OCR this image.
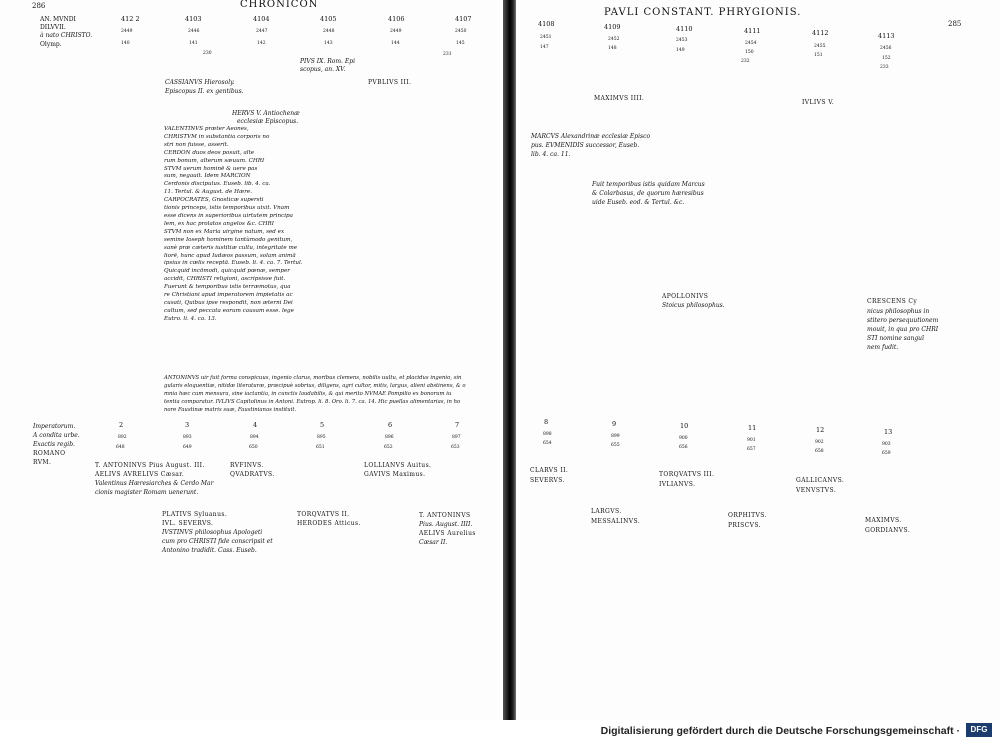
286	CHRONICON
AN. MVNDI
DILVVII.
à nato CHRISTO.
Olymp.
412 2
2449
140
4103
2446
141
230
4104
2447
142
4105
2448
143
4106
2449
144
4107
2450
145
231
PIVS IX. Rom. Epi
scopus, an. XV.
CASSIANVS Hierosoly.
Episcopus II. ex gentibus.
PVBLIVS III.
HERVS V. Antiochenæ
ecclesiæ Episcopus.
VALENTINVS præter Aeones,
CHRISTVM in substantia corporis no
stri non fuisse, asserit.
CERDON duos deos posuit, alte
rum bonum, alterum sæuum. CHRI
STVM uerum hominē & uere pas
sum, negauit. Idem MARCION
Cerdonis discipulus. Euseb. lib. 4. ca.
11. Tertul. & August. de Hære.
CARPOCRATES, Gnosticæ supersti
tionis princeps, istis temporibus uixit. Vnam
esse dicens in superioribus uirtutem principa
lem, ex hac prolatos angelos &c. CHRI
STVM non ex Maria uirgine natum, sed ex
semine Ioseph hominem tantùmodo genitum,
sanè præ cæteris iustitiæ cultu, integritate me
liorē, hunc apud Iudæos passum, solam animā
ipsius in cœlis receptā. Euseb. li. 4. ca. 7. Tertul.
Quicquid incōmodi, quicquid pœnæ, semper
accidit, CHRISTI religioni, ascripsisse fuit.
Fuerunt & temporibus istis terræmotus, qua
re Christiani apud imperatorem impietatis ac
cusati, Quibus ipse respondit, non æterni Dei
cultum, sed peccata eorum causam esse. lege
Eutro. li. 4. ca. 13.
ANTONINVS uir fuit forma conspicuus, ingenio clarus, moribus clemens, nobilis uultu, et placidus ingenio, sin
gularis eloquentiæ, nitidæ literaturæ, præcipuè sobrius, diligens, agri cultor, mitis, largus, alieni abstinens, & o
mnia hæc cum mensura, sine iactantia, in cunctis laudabilis, & qui merito NVMAE Pompilio ex bonorum iu
tentia comparatur. IVLIVS Capitolinus in Antoni. Eutrop. li. 8. Oro. li. 7. ca. 14. Hic puellas alimentarias, in ho
nore Faustinæ matris suæ, Faustinianas instituit.
Imperatorum.
A condita urbe.
Exactis regib.
ROMANO
RVM.
2
892
648
3
893
649
4
894
650
5
895
651
6
896
652
7
897
653
T. ANTONINVS Pius August. III.
AELIVS AVRELIVS Cæsar.
Valentinus Hæresiarches & Cerdo Mar
cionis magister Romam uenerunt.
RVFINVS.
QVADRATVS.
LOLLIANVS Auitus.
GAVIVS Maximus.
PLATIVS Syluanus.
IVL. SEVERVS.
IVSTINVS philosophus Apologeti
cum pro CHRISTI fide conscripsit et
Antonino tradidit. Cass. Euseb.
TORQVATVS II.
HERODES Atticus.
T. ANTONINVS
Pius. August. IIII.
AELIVS Aurelius
Cæsar II.
PAVLI CONSTANT. PHRYGIONIS.
285
4108
2451
147
4109
2452
148
4110
2453
149
4111
2454
150
232
4112
2455
151
4113
2456
152
233
MAXIMVS IIII.
IVLIVS V.
MARCVS Alexandrinæ ecclesiæ Episco
pus. EVMENIDIS successor, Euseb.
lib. 4. ca. 11.
Fuit temporibus istis quidam Marcus
& Colarbasus, de quorum hæresibus
uide Euseb. eod. & Tertul. &c.
APOLLONIVS
Stoicus philosophus.
CRESCENS Cy
nicus philosophus in
stitero persequutionem
mouit, in qua pro CHRI
STI nomine sanguī
nem fudit.
8
898
654
9
899
655
10
900
656
11
901
657
12
902
658
13
903
659
CLARVS II.
SEVERVS.
TORQVATVS III.
IVLIANVS.
GALLICANVS.
VENVSTVS.
LARGVS.
MESSALINVS.
ORPHITVS.
PRISCVS.
MAXIMVS.
GORDIANVS.
Digitalisierung gefördert durch die Deutsche Forschungsgemeinschaft ·	DFG
